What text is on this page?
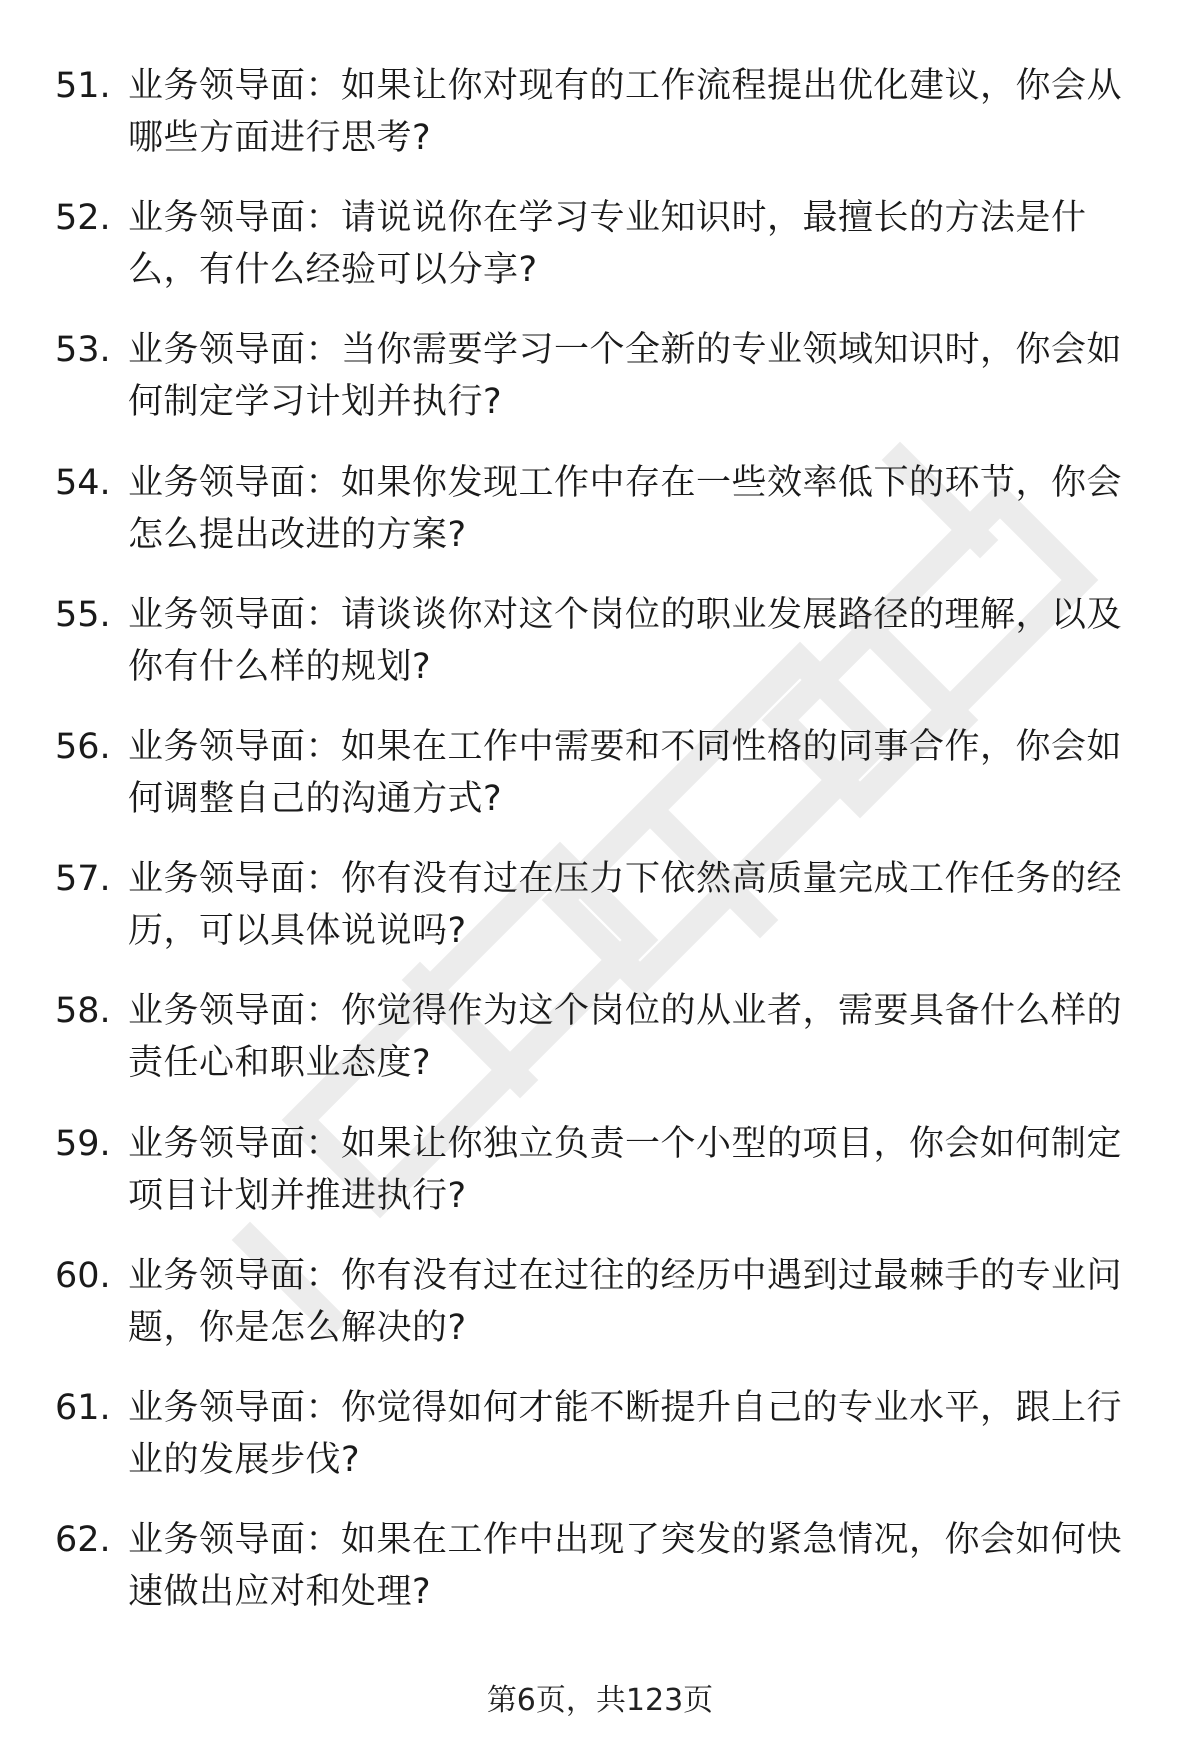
51. 业务领导面：如果让你对现有的工作流程提出优化建议，你会从哪些方面进行思考?
52. 业务领导面：请说说你在学习专业知识时，最擅长的方法是什么，有什么经验可以分享?
53. 业务领导面：当你需要学习一个全新的专业领域知识时，你会如何制定学习计划并执行?
54. 业务领导面：如果你发现工作中存在一些效率低下的环节，你会怎么提出改进的方案?
55. 业务领导面：请谈谈你对这个岗位的职业发展路径的理解，以及你有什么样的规划?
56. 业务领导面：如果在工作中需要和不同性格的同事合作，你会如何调整自己的沟通方式?
57. 业务领导面：你有没有过在压力下依然高质量完成工作任务的经历，可以具体说说吗?
58. 业务领导面：你觉得作为这个岗位的从业者，需要具备什么样的责任心和职业态度?
59. 业务领导面：如果让你独立负责一个小型的项目，你会如何制定项目计划并推进执行?
60. 业务领导面：你有没有过在过往的经历中遇到过最棘手的专业问题，你是怎么解决的?
61. 业务领导面：你觉得如何才能不断提升自己的专业水平，跟上行业的发展步伐?
62. 业务领导面：如果在工作中出现了突发的紧急情况，你会如何快速做出应对和处理?
第6页，共123页
